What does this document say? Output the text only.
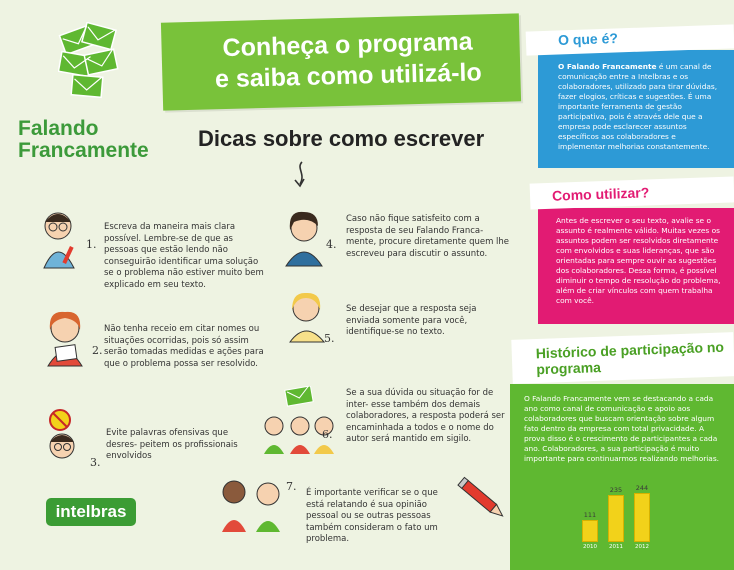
Falando
Francamente
Conheça o programa
e saiba como utilizá-lo
Dicas sobre como escrever
1.
Escreva da maneira mais clara possível. Lembre-se de que as pessoas que estão lendo não conseguirão identificar uma solução se o problema não estiver muito bem explicado em seu texto.
2.
Não tenha receio em citar nomes ou situações ocorridas, pois só assim serão tomadas medidas e ações para que o problema possa ser resolvido.
3.
Evite palavras ofensivas que desres- peitem os profissionais envolvidos
4.
Caso não fique satisfeito com a resposta de seu Falando Franca- mente, procure diretamente quem lhe escreveu para discutir o assunto.
5.
Se desejar que a resposta seja enviada somente para você, identifique-se no texto.
6.
Se a sua dúvida ou situação for de inter- esse também dos demais colaboradores, a resposta poderá ser encaminhada a todos e o nome do autor será mantido em sigilo.
7. É importante verificar se o que está relatando é sua opinião pessoal ou se outras pessoas também consideram o fato um problema.
intelbras
O que é?
O Falando Francamente é um canal de comunicação entre a Intelbras e os colaboradores, utilizado para tirar dúvidas, fazer elogios, críticas e sugestões. É uma importante ferramenta de gestão participativa, pois é através dele que a empresa pode esclarecer assuntos específicos aos colaboradores e implementar melhorias constantemente.
Como utilizar?
Antes de escrever o seu texto, avalie se o assunto é realmente válido. Muitas vezes os assuntos podem ser resolvidos diretamente com envolvidos e suas lideranças, que são orientadas para sempre ouvir as sugestões dos colaboradores. Dessa forma, é possível diminuir o tempo de resolução do problema, além de criar vínculos com quem trabalha com você.
Histórico de participação no programa
O Falando Francamente vem se destacando a cada ano como canal de comunicação e apoio aos colaboradores que buscam orientação sobre algum fato dentro da empresa com total privacidade. A prova disso é o crescimento de participantes a cada ano. Colaboradores, a sua participação é muito importante para continuarmos realizando melhorias.
111
2010
235
2011
244
2012
